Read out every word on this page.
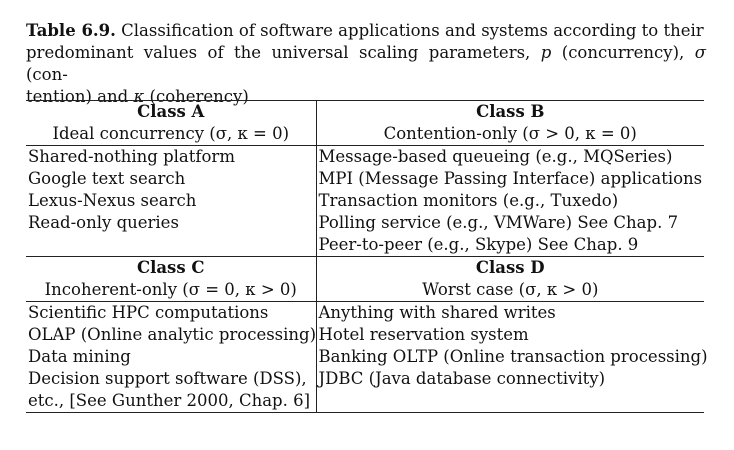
Table 6.9. Classification of software applications and systems according to their
predominant values of the universal scaling parameters, p (concurrency), σ (con-
tention) and κ (coherency)
Class A	Class B
Ideal concurrency (σ, κ = 0)	Contention-only (σ > 0, κ = 0)
Shared-nothing platform	Message-based queueing (e.g., MQSeries)
Google text search	MPI (Message Passing Interface) applications
Lexus-Nexus search	Transaction monitors (e.g., Tuxedo)
Read-only queries	Polling service (e.g., VMWare) See Chap. 7
	Peer-to-peer (e.g., Skype) See Chap. 9
Class C	Class D
Incoherent-only (σ = 0, κ > 0)	Worst case (σ, κ > 0)
Scientific HPC computations	Anything with shared writes
OLAP (Online analytic processing)	Hotel reservation system
Data mining	Banking OLTP (Online transaction processing)
Decision support software (DSS),	JDBC (Java database connectivity)
etc., [See Gunther 2000, Chap. 6]	
